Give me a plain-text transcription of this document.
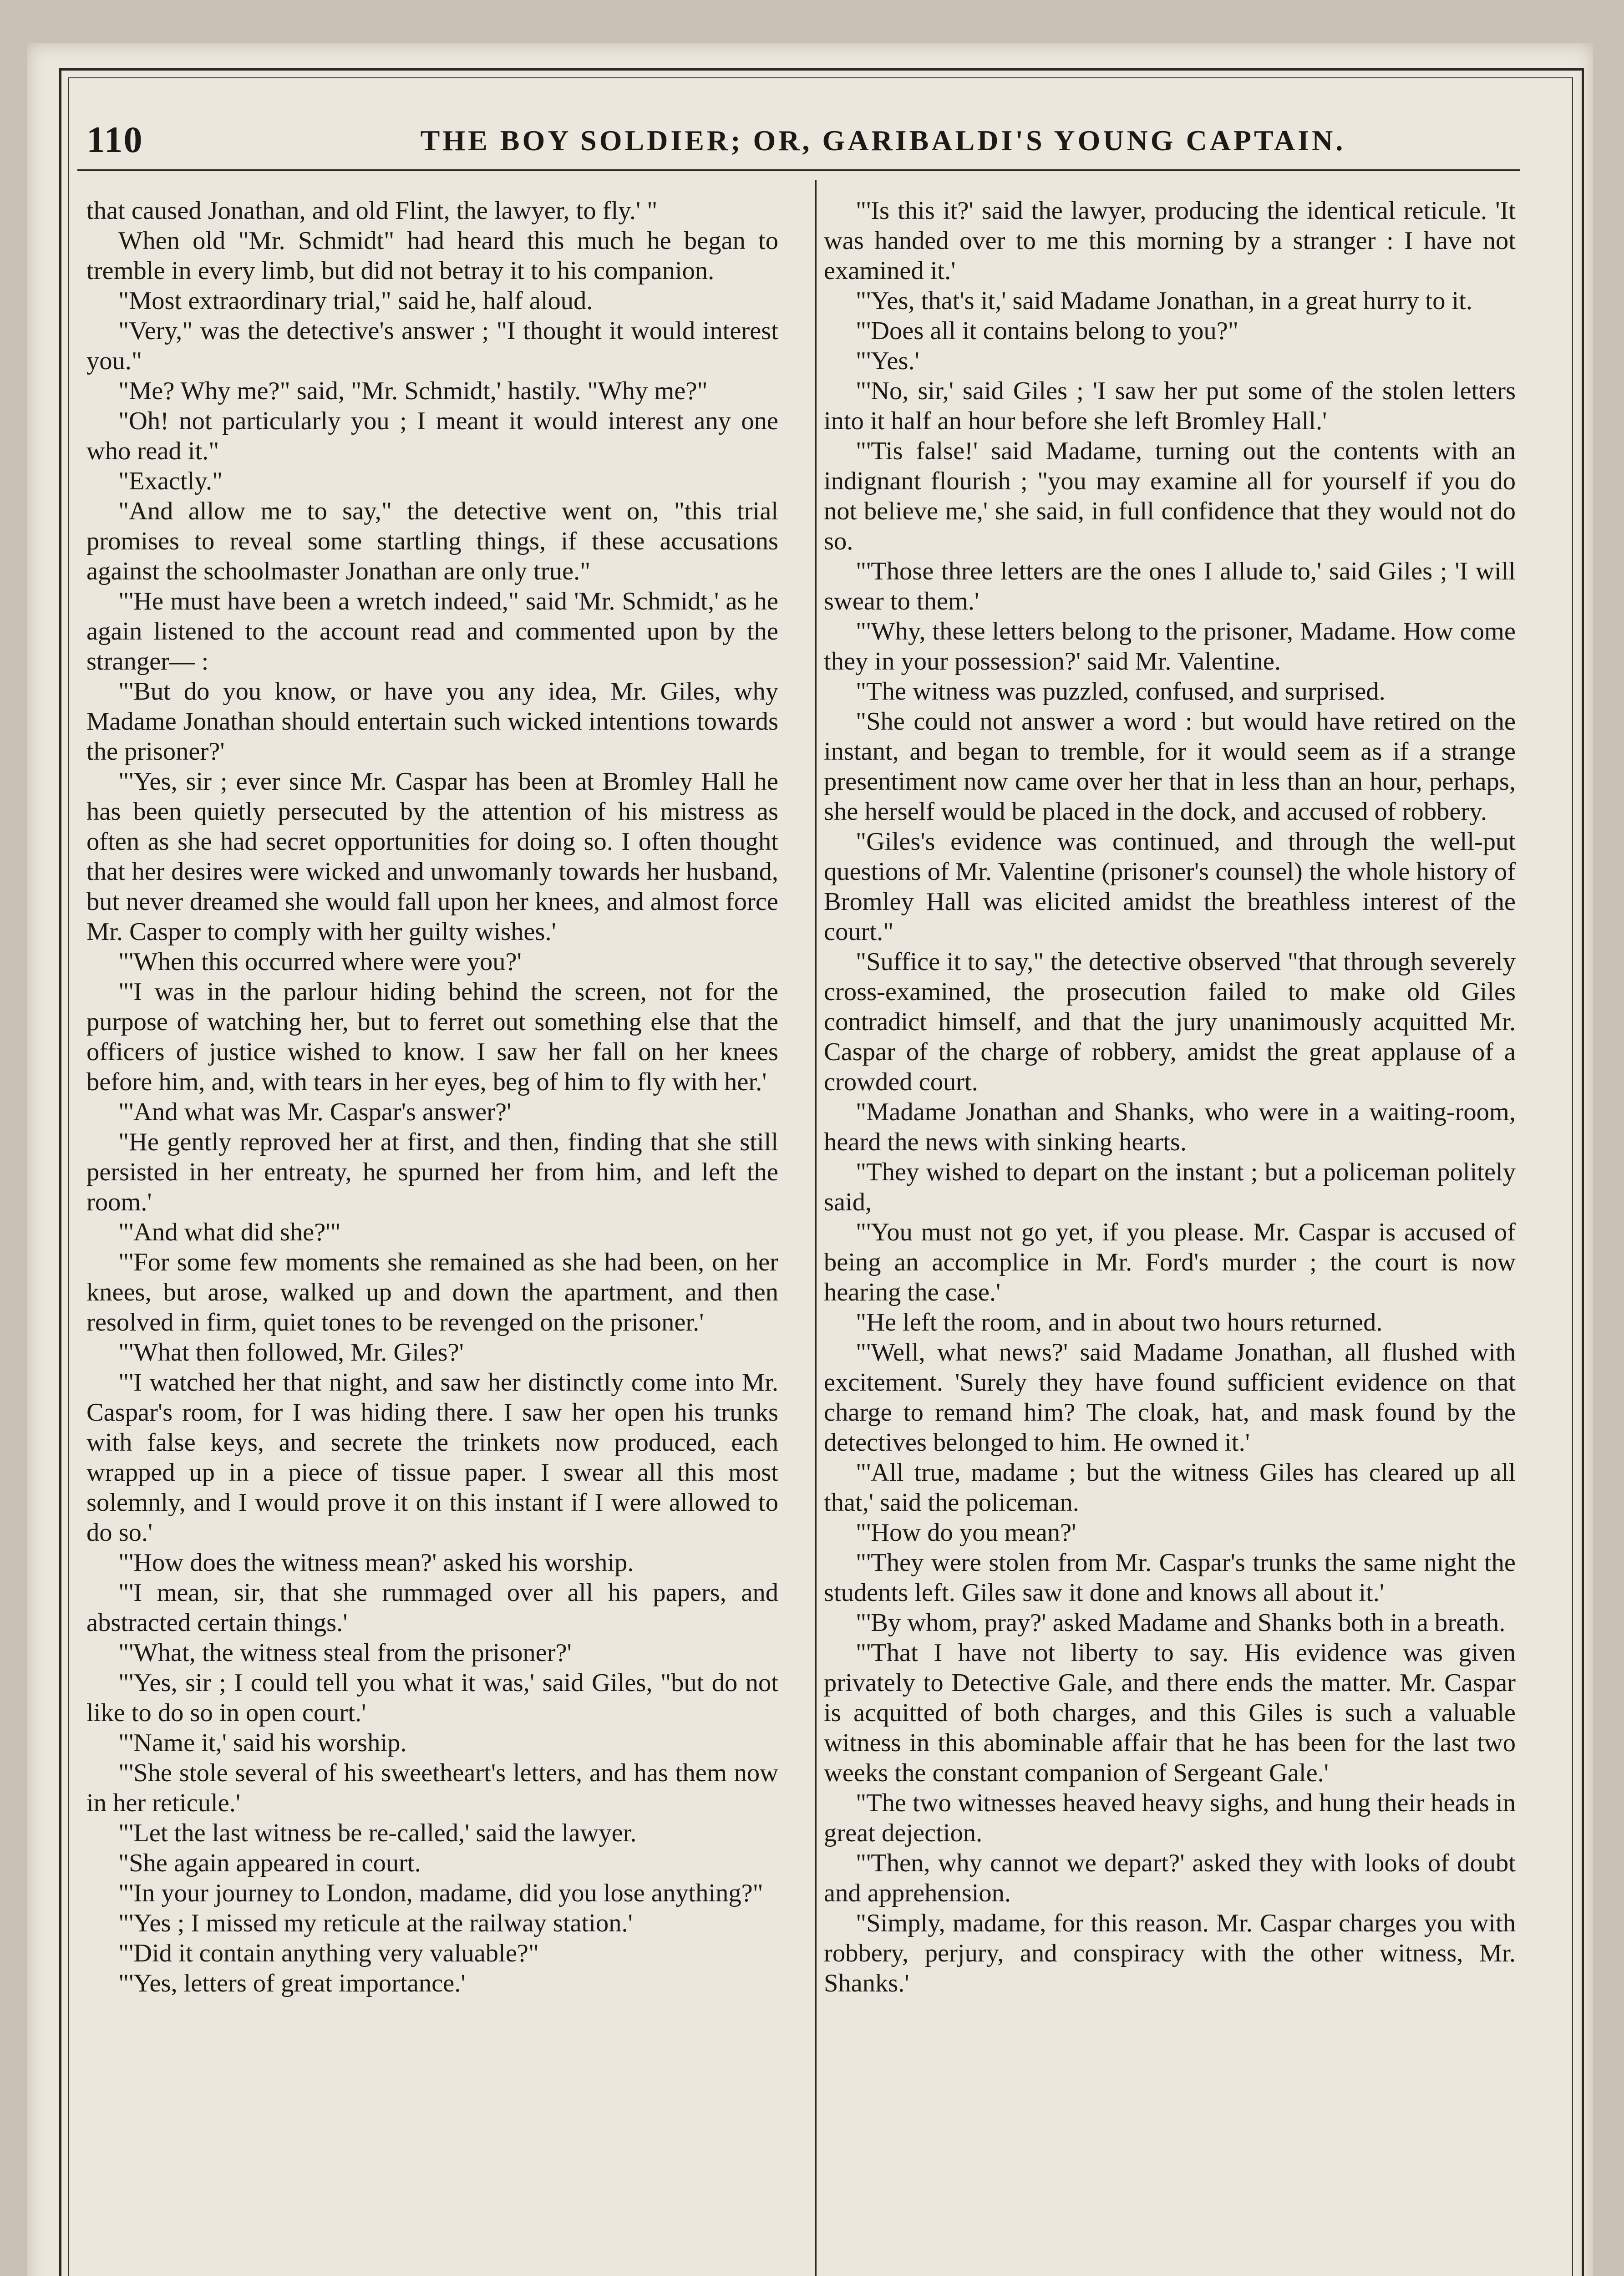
110	THE BOY SOLDIER; OR, GARIBALDI'S YOUNG CAPTAIN.

that caused Jonathan, and old Flint, the lawyer, to fly.' "

When old "Mr. Schmidt" had heard this much he began to tremble in every limb, but did not betray it to his companion.

"Most extraordinary trial," said he, half aloud.

"Very," was the detective's answer ; "I thought it would interest you."

"Me? Why me?" said, "Mr. Schmidt,' hastily. "Why me?"

"Oh! not particularly you ; I meant it would interest any one who read it."

"Exactly."

"And allow me to say," the detective went on, "this trial promises to reveal some startling things, if these accusations against the schoolmaster Jonathan are only true."

"'He must have been a wretch indeed," said 'Mr. Schmidt,' as he again listened to the account read and commented upon by the stranger— :

"'But do you know, or have you any idea, Mr. Giles, why Madame Jonathan should entertain such wicked intentions towards the prisoner?'

"'Yes, sir ; ever since Mr. Caspar has been at Bromley Hall he has been quietly persecuted by the attention of his mistress as often as she had secret opportunities for doing so. I often thought that her desires were wicked and unwomanly towards her husband, but never dreamed she would fall upon her knees, and almost force Mr. Casper to comply with her guilty wishes.'

"'When this occurred where were you?'

"'I was in the parlour hiding behind the screen, not for the purpose of watching her, but to ferret out something else that the officers of justice wished to know. I saw her fall on her knees before him, and, with tears in her eyes, beg of him to fly with her.'

"'And what was Mr. Caspar's answer?'

"He gently reproved her at first, and then, finding that she still persisted in her entreaty, he spurned her from him, and left the room.'

"'And what did she?'"

"'For some few moments she remained as she had been, on her knees, but arose, walked up and down the apartment, and then resolved in firm, quiet tones to be revenged on the prisoner.'

"'What then followed, Mr. Giles?'

"'I watched her that night, and saw her distinctly come into Mr. Caspar's room, for I was hiding there. I saw her open his trunks with false keys, and secrete the trinkets now produced, each wrapped up in a piece of tissue paper. I swear all this most solemnly, and I would prove it on this instant if I were allowed to do so.'

"'How does the witness mean?' asked his worship.

"'I mean, sir, that she rummaged over all his papers, and abstracted certain things.'

"'What, the witness steal from the prisoner?'

"'Yes, sir ; I could tell you what it was,' said Giles, "but do not like to do so in open court.'

"'Name it,' said his worship.

"'She stole several of his sweetheart's letters, and has them now in her reticule.'

"'Let the last witness be re-called,' said the lawyer.

"She again appeared in court.

"'In your journey to London, madame, did you lose anything?"

"'Yes ; I missed my reticule at the railway station.'

"'Did it contain anything very valuable?"

"'Yes, letters of great importance.'

"'Is this it?' said the lawyer, producing the identical reticule. 'It was handed over to me this morning by a stranger : I have not examined it.'

"'Yes, that's it,' said Madame Jonathan, in a great hurry to it.

"'Does all it contains belong to you?"

"'Yes.'

"'No, sir,' said Giles ; 'I saw her put some of the stolen letters into it half an hour before she left Bromley Hall.'

"'Tis false!' said Madame, turning out the contents with an indignant flourish ; "you may examine all for yourself if you do not believe me,' she said, in full confidence that they would not do so.

"'Those three letters are the ones I allude to,' said Giles ; 'I will swear to them.'

"'Why, these letters belong to the prisoner, Madame. How come they in your possession?' said Mr. Valentine.

"The witness was puzzled, confused, and surprised.

"She could not answer a word : but would have retired on the instant, and began to tremble, for it would seem as if a strange presentiment now came over her that in less than an hour, perhaps, she herself would be placed in the dock, and accused of robbery.

"Giles's evidence was continued, and through the well-put questions of Mr. Valentine (prisoner's counsel) the whole history of Bromley Hall was elicited amidst the breathless interest of the court."

"Suffice it to say," the detective observed "that through severely cross-examined, the prosecution failed to make old Giles contradict himself, and that the jury unanimously acquitted Mr. Caspar of the charge of robbery, amidst the great applause of a crowded court.

"Madame Jonathan and Shanks, who were in a waiting-room, heard the news with sinking hearts.

"They wished to depart on the instant ; but a policeman politely said,

"'You must not go yet, if you please. Mr. Caspar is accused of being an accomplice in Mr. Ford's murder ; the court is now hearing the case.'

"He left the room, and in about two hours returned.

"'Well, what news?' said Madame Jonathan, all flushed with excitement. 'Surely they have found sufficient evidence on that charge to remand him? The cloak, hat, and mask found by the detectives belonged to him. He owned it.'

"'All true, madame ; but the witness Giles has cleared up all that,' said the policeman.

"'How do you mean?'

"'They were stolen from Mr. Caspar's trunks the same night the students left. Giles saw it done and knows all about it.'

"'By whom, pray?' asked Madame and Shanks both in a breath.

"'That I have not liberty to say. His evidence was given privately to Detective Gale, and there ends the matter. Mr. Caspar is acquitted of both charges, and this Giles is such a valuable witness in this abominable affair that he has been for the last two weeks the constant companion of Sergeant Gale.'

"The two witnesses heaved heavy sighs, and hung their heads in great dejection.

"'Then, why cannot we depart?' asked they with looks of doubt and apprehension.

"Simply, madame, for this reason. Mr. Caspar charges you with robbery, perjury, and conspiracy with the other witness, Mr. Shanks.'
